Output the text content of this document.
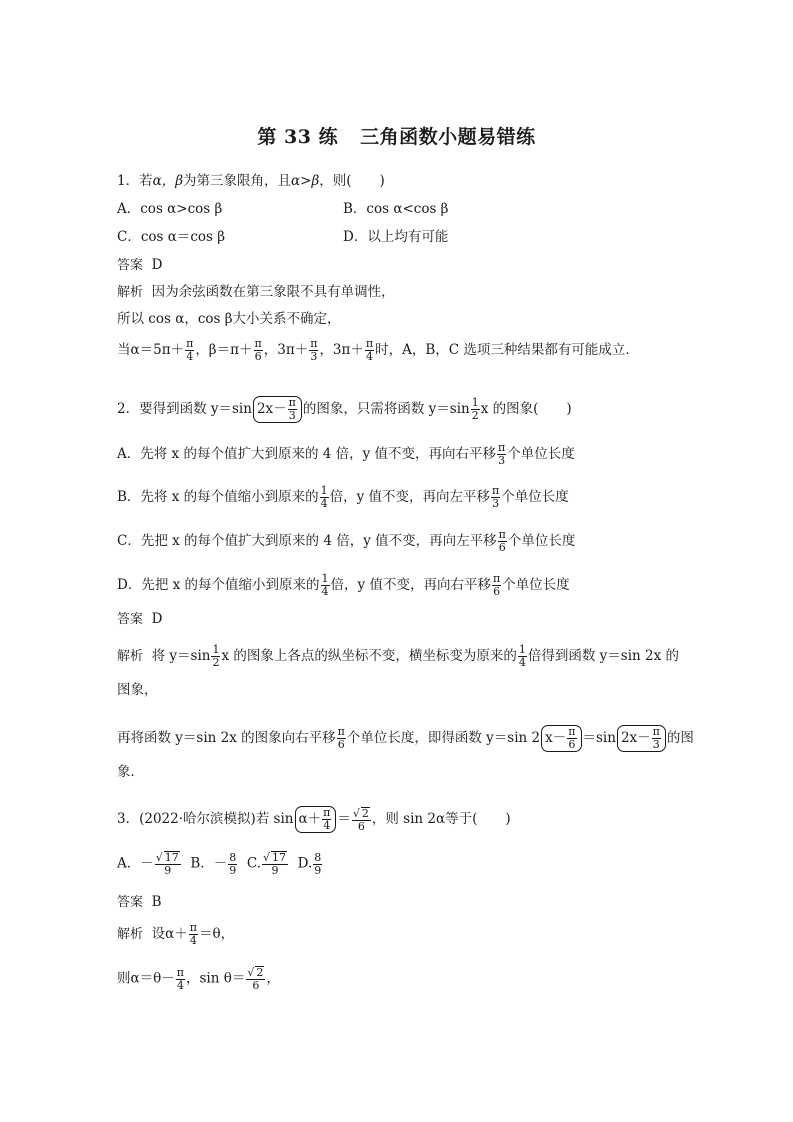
第 33 练 三角函数小题易错练
1．若α，β为第三象限角，且α>β，则( )
A．cos α>cos β	B．cos α<cos β
C．cos α＝cos β	D．以上均有可能
答案 D
解析 因为余弦函数在第三象限不具有单调性，
所以 cos α，cos β大小关系不确定，
当$\alpha=5\pi+ \frac{\pi}{4}$ ，$\beta=\pi+ \frac{\pi}{6}$ ，$3\pi+ \frac{\pi}{3}$ ，$3\pi+ \frac{\pi}{4}$ 时，A，B，C 选项三种结果都有可能成立．
2．要得到函数 y＝sin $2x- \frac{\pi}{3}$ 的图象，只需将函数 $y=\sin \frac{1}{2}$ x 的图象( )
A．先将 x 的每个值扩大到原来的 4 倍，y 值不变，再向右平移 $\frac{\pi}{3}$ 个单位长度
B．先将 x 的每个值缩小到原来的 $\frac{1}{4}$ 倍，y 值不变，再向左平移 $\frac{\pi}{3}$ 个单位长度
C．先把 x 的每个值扩大到原来的 4 倍，y 值不变，再向左平移 $\frac{\pi}{6}$ 个单位长度
D．先把 x 的每个值缩小到原来的 $\frac{1}{4}$ 倍，y 值不变，再向右平移 $\frac{\pi}{6}$ 个单位长度
答案 D
解析 将 $y=\sin \frac{1}{2}$ x 的图象上各点的纵坐标不变，横坐标变为原来的 $\frac{1}{4}$ 倍得到函数 y＝sin 2x 的
图象，
再将函数 y＝sin 2x 的图象向右平移 $\frac{\pi}{6}$ 个单位长度，即得函数 y＝sin 2 $x- \frac{\pi}{6} =\sin$ $2x- \frac{\pi}{3}$ 的图
象．
3．(2022·哈尔滨模拟)若 $\sin \alpha+ \frac{\pi}{4} = \frac{√ 2}{6}$ ，则 sin 2α等于( )
A．－ $\frac{√ 17}{9}$ B．－ $\frac{8}{9} C$. $\frac{√ 17}{9} D$. $\frac{8}{9}$
答案 B
解析 设$\alpha+ \frac{\pi}{4} =\theta$，
则$\alpha=\theta- \frac{\pi}{4}$ ，$\sin \theta= \frac{√ 2}{6}$ ，
